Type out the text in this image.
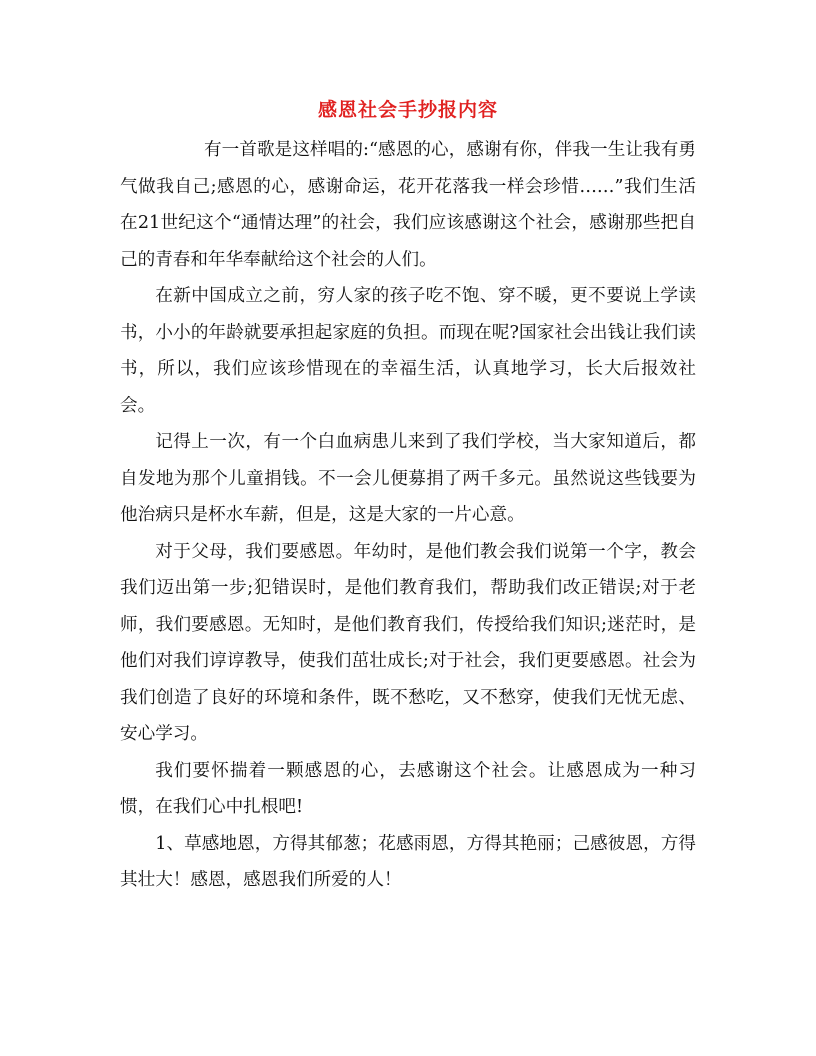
感恩社会手抄报内容

有一首歌是这样唱的:“感恩的心，感谢有你，伴我一生让我有勇气做我自己;感恩的心，感谢命运，花开花落我一样会珍惜……”我们生活在21世纪这个“通情达理”的社会，我们应该感谢这个社会，感谢那些把自己的青春和年华奉献给这个社会的人们。

在新中国成立之前，穷人家的孩子吃不饱、穿不暖，更不要说上学读书，小小的年龄就要承担起家庭的负担。而现在呢?国家社会出钱让我们读书，所以，我们应该珍惜现在的幸福生活，认真地学习，长大后报效社会。

记得上一次，有一个白血病患儿来到了我们学校，当大家知道后，都自发地为那个儿童捐钱。不一会儿便募捐了两千多元。虽然说这些钱要为他治病只是杯水车薪，但是，这是大家的一片心意。

对于父母，我们要感恩。年幼时，是他们教会我们说第一个字，教会我们迈出第一步;犯错误时，是他们教育我们，帮助我们改正错误;对于老师，我们要感恩。无知时，是他们教育我们，传授给我们知识;迷茫时，是他们对我们谆谆教导，使我们茁壮成长;对于社会，我们更要感恩。社会为我们创造了良好的环境和条件，既不愁吃，又不愁穿，使我们无忧无虑、安心学习。

我们要怀揣着一颗感恩的心，去感谢这个社会。让感恩成为一种习惯，在我们心中扎根吧!

1、草感地恩，方得其郁葱；花感雨恩，方得其艳丽；己感彼恩，方得其壮大！感恩，感恩我们所爱的人！
